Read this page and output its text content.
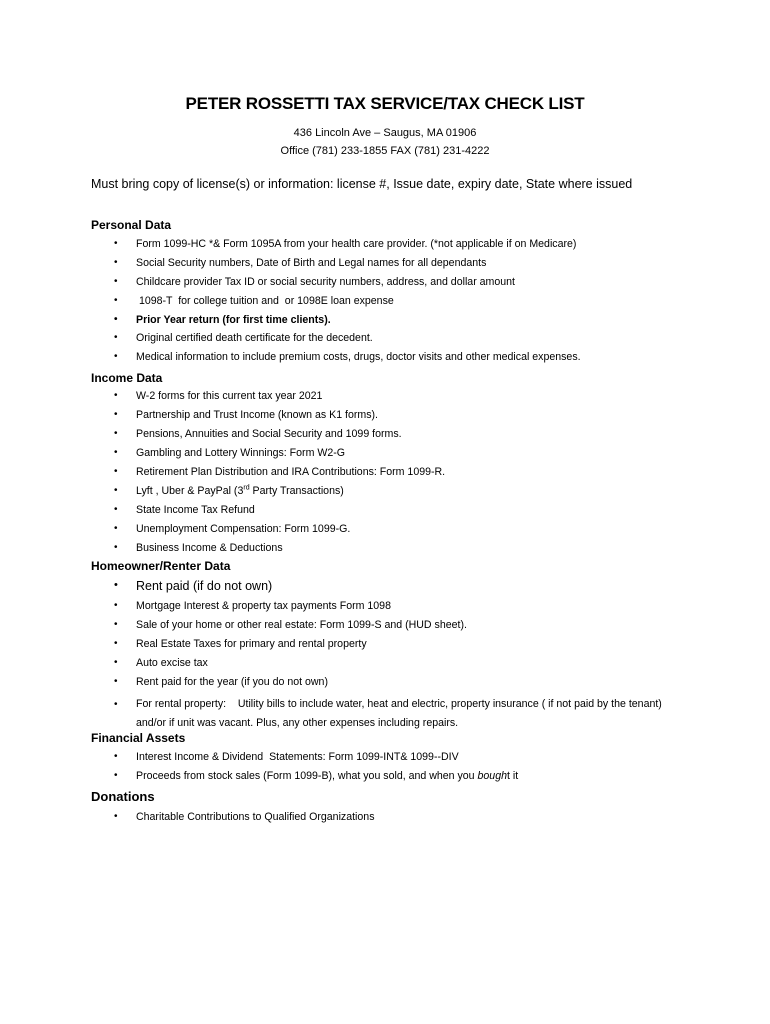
PETER ROSSETTI TAX SERVICE/TAX CHECK LIST
436 Lincoln Ave – Saugus, MA 01906
Office (781) 233-1855 FAX (781) 231-4222
Must bring copy of license(s) or information: license #, Issue date, expiry date, State where issued
Personal Data
• Form 1099-HC *& Form 1095A from your health care provider. (*not applicable if on Medicare)
• Social Security numbers, Date of Birth and Legal names for all dependants
• Childcare provider Tax ID or social security numbers, address, and dollar amount
• 1098-T  for college tuition and  or 1098E loan expense
• Prior Year return (for first time clients).
• Original certified death certificate for the decedent.
• Medical information to include premium costs, drugs, doctor visits and other medical expenses.
Income Data
• W-2 forms for this current tax year 2021
• Partnership and Trust Income (known as K1 forms).
• Pensions, Annuities and Social Security and 1099 forms.
• Gambling and Lottery Winnings: Form W2-G
• Retirement Plan Distribution and IRA Contributions: Form 1099-R.
• Lyft , Uber & PayPal (3rd Party Transactions)
• State Income Tax Refund
• Unemployment Compensation: Form 1099-G.
• Business Income & Deductions
Homeowner/Renter Data
• Rent paid (if do not own)
• Mortgage Interest & property tax payments Form 1098
• Sale of your home or other real estate: Form 1099-S and (HUD sheet).
• Real Estate Taxes for primary and rental property
• Auto excise tax
• Rent paid for the year (if you do not own)
• For rental property:    Utility bills to include water, heat and electric, property insurance ( if not paid by the tenant) and/or if unit was vacant. Plus, any other expenses including repairs.
Financial Assets
• Interest Income & Dividend  Statements: Form 1099-INT& 1099--DIV
• Proceeds from stock sales (Form 1099-B), what you sold, and when you bought it
Donations
• Charitable Contributions to Qualified Organizations
